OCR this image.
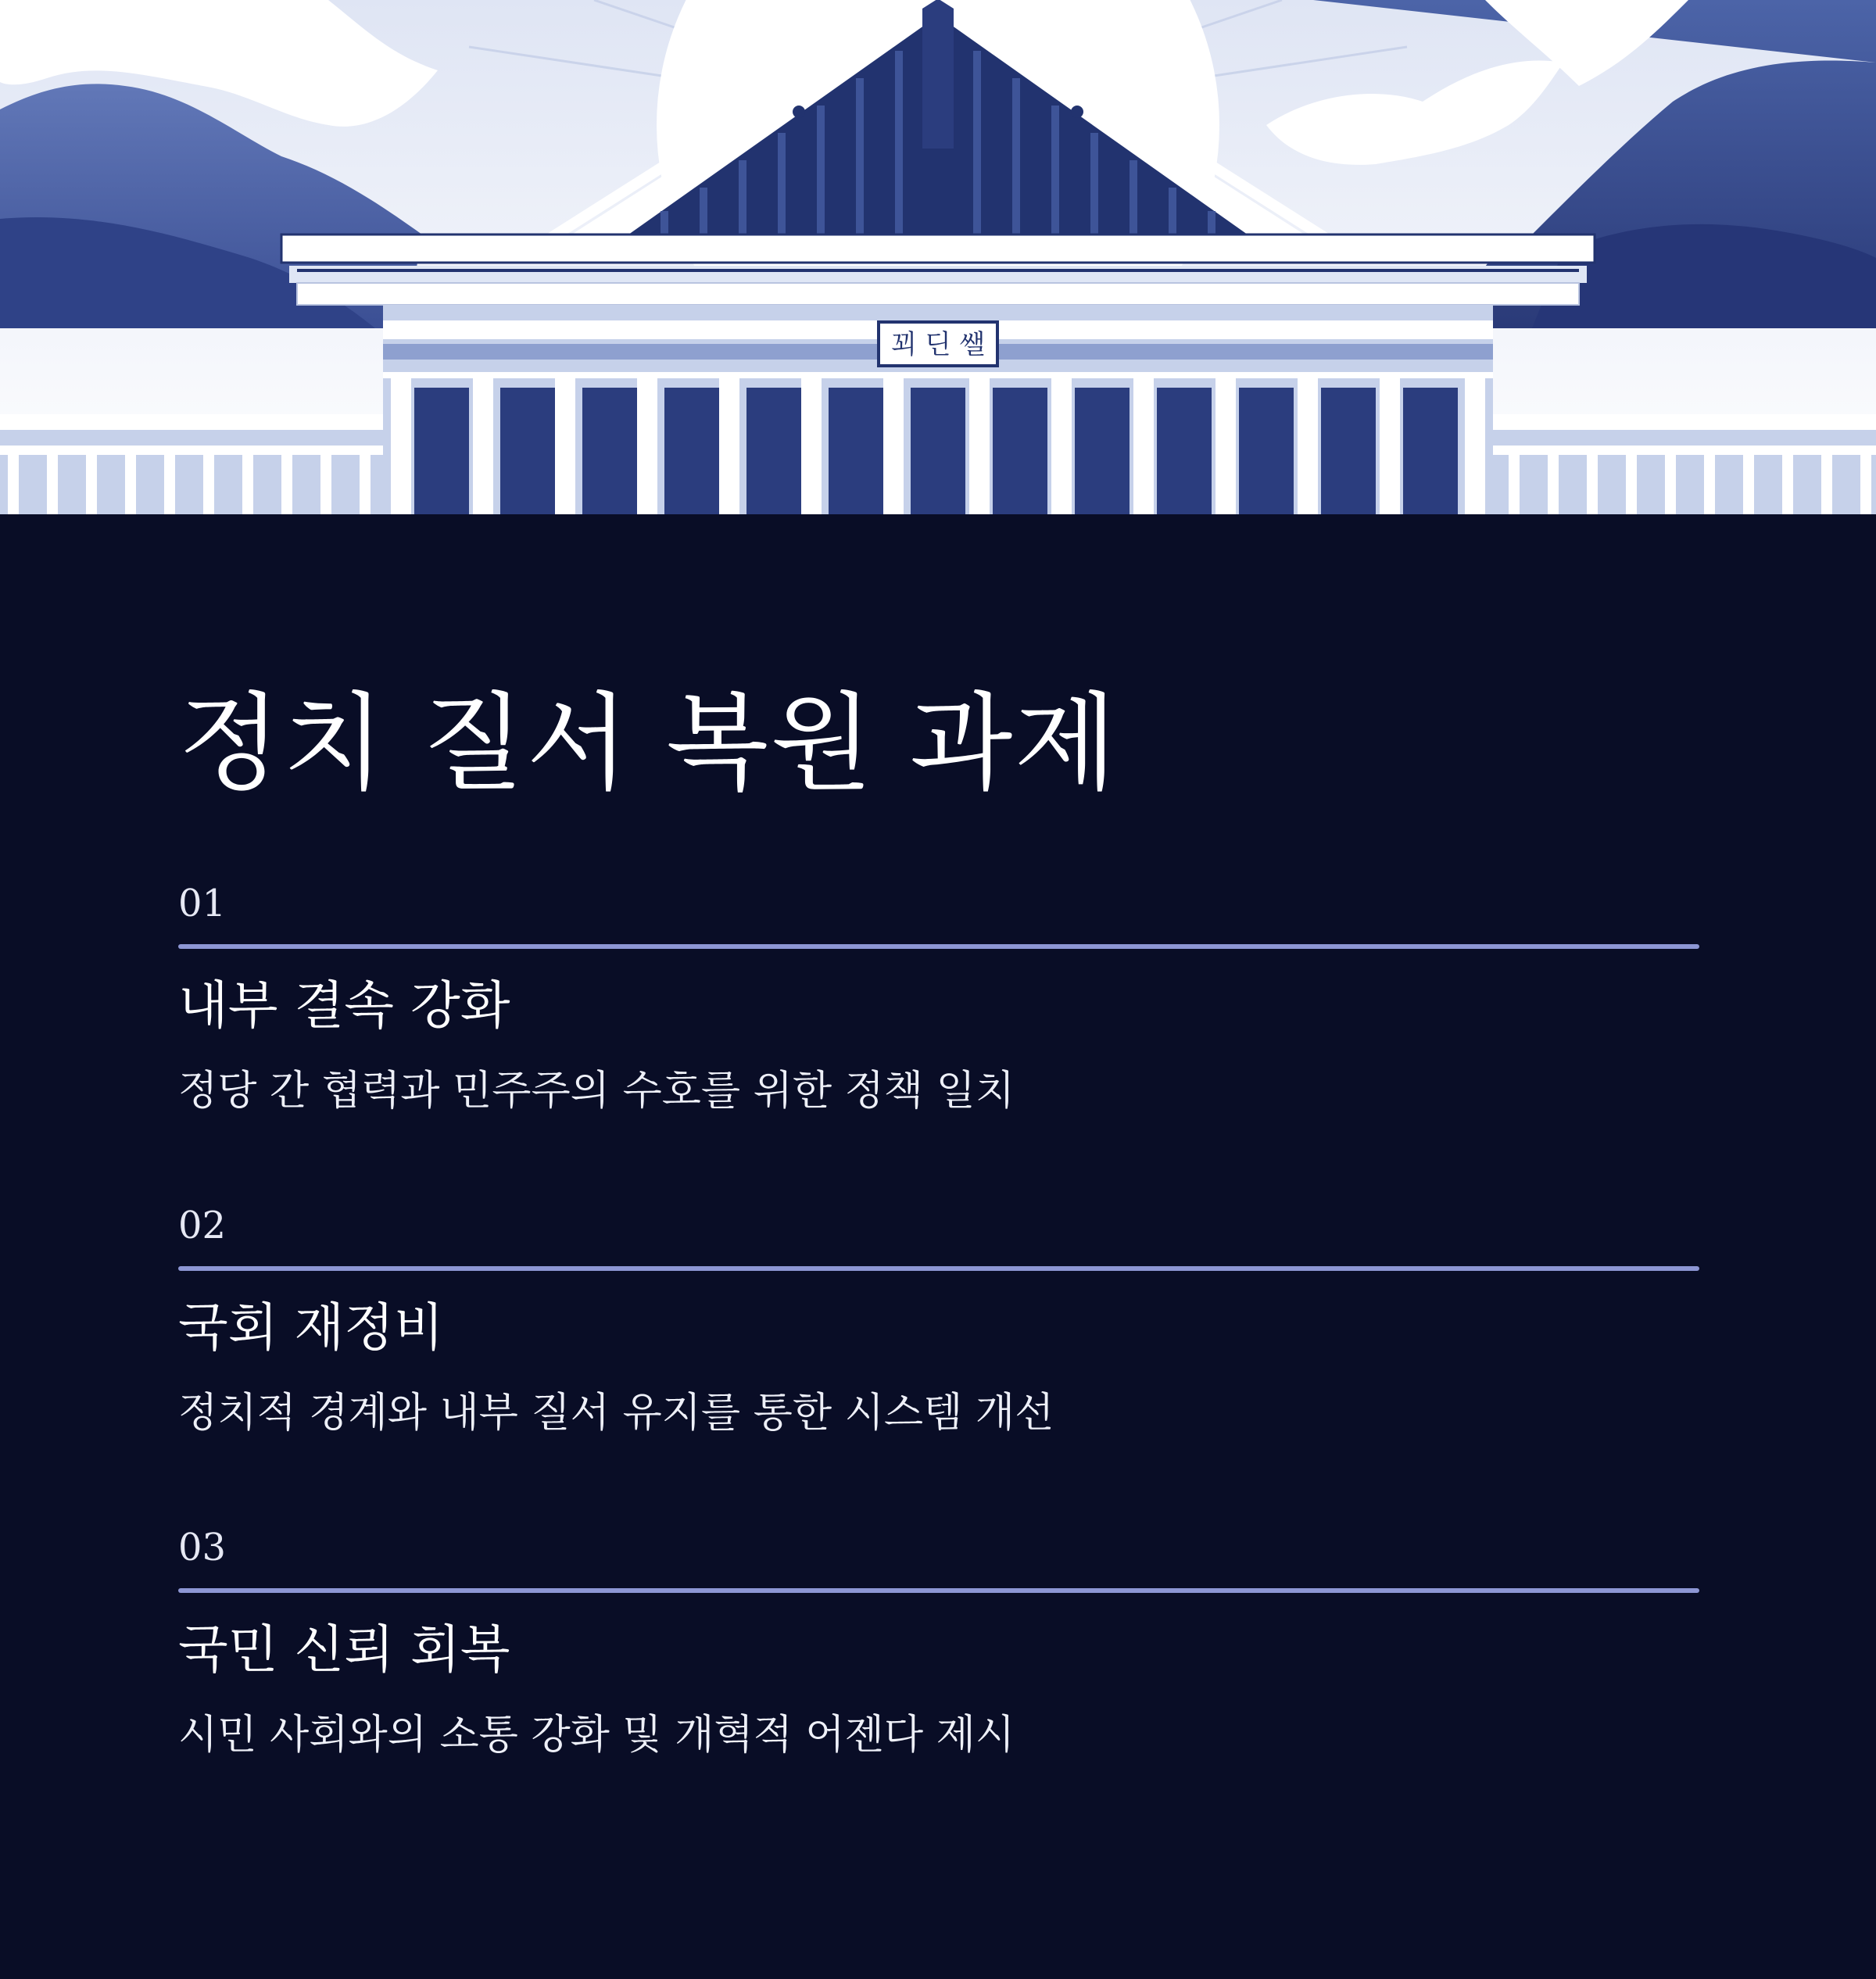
꾀 딘 쌜
정치 질서 복원 과제
01
내부 결속 강화
정당 간 협력과 민주주의 수호를 위한 정책 일치
02
국회 재정비
정치적 경계와 내부 질서 유지를 통한 시스템 개선
03
국민 신뢰 회복
시민 사회와의 소통 강화 및 개혁적 어젠다 제시
